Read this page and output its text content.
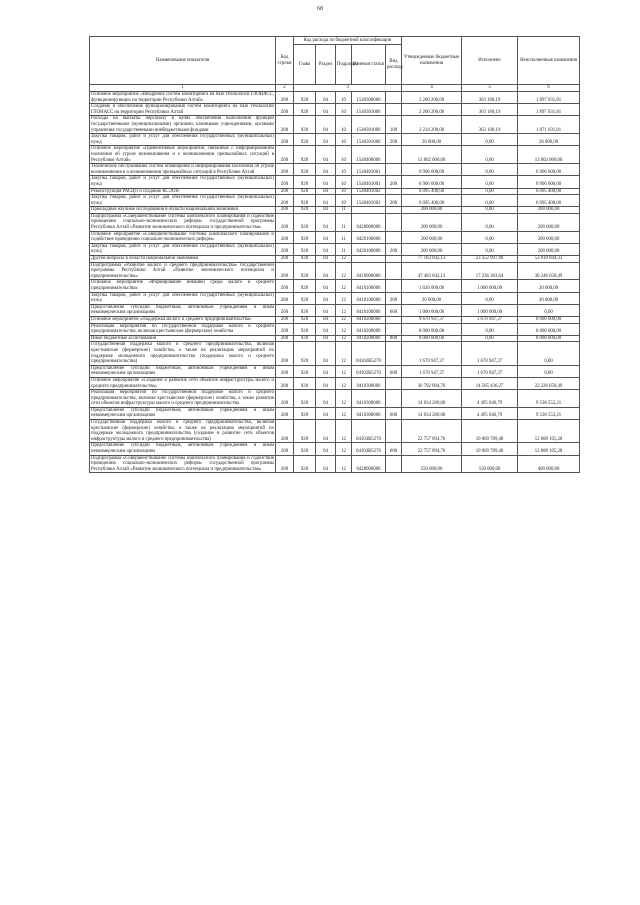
68
Наименование показателя	Код строки	Код расхода по бюджетной классификации					Утвержденные бюджетные назначения	Исполнено	Неисполненные назначения
		Глава	Раздел	Подраздел	Целевая статья	Вид расхода			
1	2	3					4	5	6
Основное мероприятие «Внедрение систем мониторинга на базе технологий ГЛОНАСС, функционирующих на территории Республики Алтай»	200	928	04	10	1540300000		2 260 200,00	363 168,19	1 897 031,81
Создание и обеспечение функционирования систем мониторинга на базе технологий ГЛОНАСС на территории Республики Алтай	200	928	04	10	1540301000		2 260 200,00	363 168,19	1 897 031,81
Расходы на выплаты персоналу в целях обеспечения выполнения функций государственными (муниципальными) органами, казенными учреждениями, органами управления государственными внебюджетными фондами	200	928	04	10	1540301000	100	2 234 200,00	363 168,19	1 871 031,81
Закупка товаров, работ и услуг для обеспечения государственных (муниципальных) нужд	200	928	04	10	1540301000	200	26 000,00	0,00	26 000,00
Основное мероприятие «Превентивные мероприятия, связанные с информированием населения об угрозе возникновения и о возникновении чрезвычайных ситуаций в Республике Алтай»	200	928	04	10	1540400000		13 002 000,00	0,00	13 002 000,00
Техническое обслуживание систем оповещения и информирования населения об угрозе возникновения и о возникновении чрезвычайных ситуаций в Республике Алтай	200	928	04	10	1540401001		6 906 600,00	0,00	6 906 600,00
Закупка товаров, работ и услуг для обеспечения государственных (муниципальных) нужд	200	928	04	10	1540401001	200	6 906 600,00	0,00	6 906 600,00
Реконструкция РАСЦО и создание КСЭОН	200	928	04	10	1540401002		6 095 400,00	0,00	6 095 400,00
Закупка товаров, работ и услуг для обеспечения государственных (муниципальных) нужд	200	928	04	10	1540401002	200	6 095 400,00	0,00	6 095 400,00
Прикладные научные исследования в области национальной экономики	200	928	04	11			200 000,00	0,00	200 000,00
Подпрограмма «Совершенствование системы комплексного планирования и содействие проведению социально-экономических реформ» государственной программы Республики Алтай «Развитие экономического потенциала и предпринимательства»	200	928	04	11	0420000000		200 000,00	0,00	200 000,00
Основное мероприятие «Совершенствование системы комплексного планирования и содействие проведению социально-экономических реформ»	200	928	04	11	0420100000		200 000,00	0,00	200 000,00
Закупка товаров, работ и услуг для обеспечения государственных (муниципальных) нужд	200	928	04	11	0420100000	200	200 000,00	0,00	200 000,00
Другие вопросы в области национальной экономики	200	928	04	12			77 163 042,13	23 352 997,80	53 810 044,33
Подпрограмма «Развитие малого и среднего предпринимательства» государственной программы Республики Алтай «Развитие экономического потенциала и предпринимательства»	200	928	04	12	0410000000		47 483 042,13	17 236 383,64	30 246 658,49
Основное мероприятие «Формирование внешней среды малого и среднего предпринимательства»	200	928	04	12	0410100000		1 020 000,00	1 000 000,00	20 000,00
Закупка товаров, работ и услуг для обеспечения государственных (муниципальных) нужд	200	928	04	12	0410100000	200	20 000,00	0,00	20 000,00
Предоставление субсидий бюджетным, автономным учреждениям и иным некоммерческим организациям	200	928	04	12	0410100000	600	1 000 000,00	1 000 000,00	0,00
Основное мероприятие «Поддержка малого и среднего предпринимательства»	200	928	04	12	0410200000		9 670 947,37	1 670 947,37	8 000 000,00
Реализация мероприятий по государственной поддержке малого и среднего предпринимательства, включая крестьянские (фермерские) хозяйства	200	928	04	12	0410200000		8 000 000,00	0,00	8 000 000,00
Иные бюджетные ассигнования	200	928	04	12	0410200000	800	8 000 000,00	0,00	8 000 000,00
Государственная поддержка малого и среднего предпринимательства, включая крестьянские (фермерские) хозяйства, а также на реализацию мероприятий по поддержке молодежного предпринимательства (поддержка малого и среднего предпринимательства)	200	928	04	12	04102R5270		1 670 947,37	1 670 947,37	0,00
Предоставление субсидий бюджетным, автономным учреждениям и иным некоммерческим организациям	200	928	04	12	04102R5270	600	1 670 947,37	1 670 947,37	0,00
Основное мероприятие «Создание и развитие сети объектов инфраструктуры малого и среднего предпринимательства»	200	928	04	12	0410300000		36 792 094,76	14 565 436,27	22 226 658,49
Реализация мероприятий по государственной поддержке малого и среднего предпринимательства, включая крестьянские (фермерские) хозяйства, а также развитие сети объектов инфраструктуры малого и среднего предпринимательства	200	928	04	12	0410300000		14 034 200,00	4 495 646,79	9 538 553,21
Предоставление субсидий бюджетным, автономным учреждениям и иным некоммерческим организациям	200	928	04	12	0410300000	600	14 034 200,00	4 495 646,79	9 538 553,21
Государственная поддержка малого и среднего предпринимательства, включая крестьянские (фермерские) хозяйства, а также на реализацию мероприятий по поддержке молодежного предпринимательства (создание и развитие сети объектов инфраструктуры малого и среднего предпринимательства)	200	928	04	12	04103R5270		22 757 894,76	10 069 789,48	12 688 105,28
Предоставление субсидий бюджетным, автономным учреждениям и иным некоммерческим организациям	200	928	04	12	04103R5270	600	22 757 894,76	10 069 789,48	12 688 105,28
Подпрограмма «Совершенствование системы комплексного планирования и содействие проведению социально-экономических реформ» государственной программы Республики Алтай «Развитие экономического потенциала и предпринимательства»	200	928	04	12	0420000000		550 000,00	150 000,00	400 000,00
